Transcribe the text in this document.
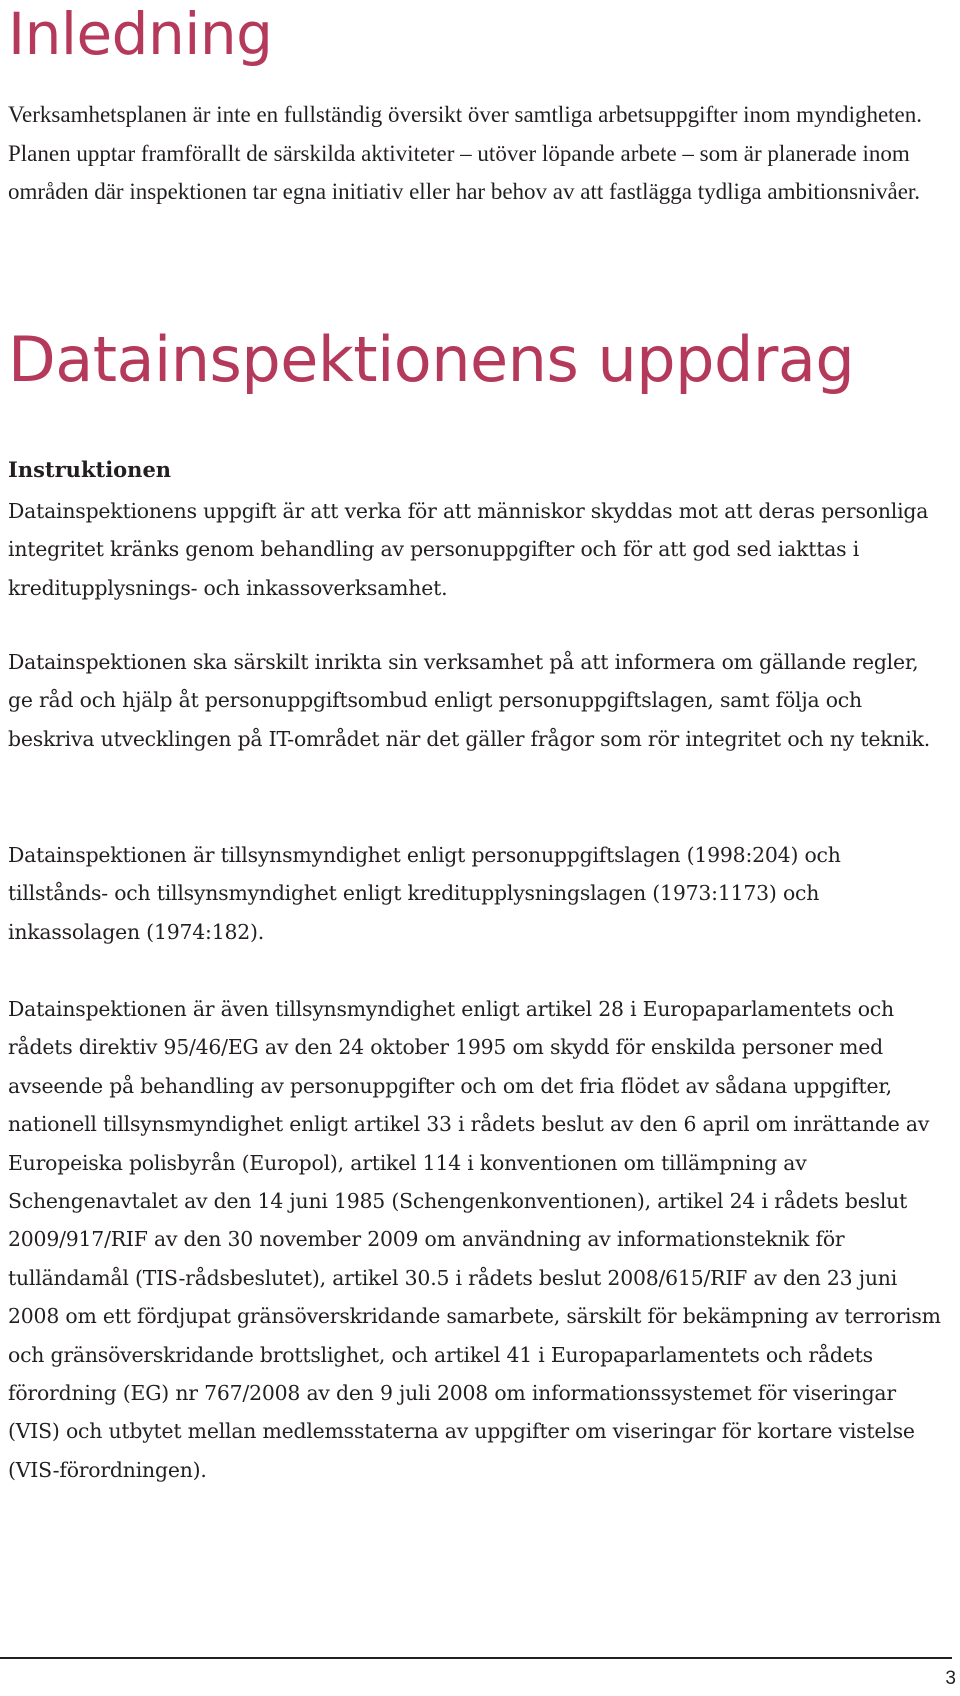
Inledning

Verksamhetsplanen är inte en fullständig översikt över samtliga arbetsuppgifter inom myndigheten. Planen upptar framförallt de särskilda aktiviteter – utöver löpande arbete – som är planerade inom områden där inspektionen tar egna initiativ eller har behov av att fastlägga tydliga ambitionsnivåer.

Datainspektionens uppdrag
Instruktionen

Datainspektionens uppgift är att verka för att människor skyddas mot att deras personliga integritet kränks genom behandling av personuppgifter och för att god sed iakttas i kreditupplysnings- och inkassoverksamhet.

Datainspektionen ska särskilt inrikta sin verksamhet på att informera om gällande regler, ge råd och hjälp åt personuppgiftsombud enligt personuppgiftslagen, samt följa och beskriva utvecklingen på IT-området när det gäller frågor som rör integritet och ny teknik.

Datainspektionen är tillsynsmyndighet enligt personuppgiftslagen (1998:204) och tillstånds- och tillsynsmyndighet enligt kreditupplysningslagen (1973:1173) och inkassolagen (1974:182).

Datainspektionen är även tillsynsmyndighet enligt artikel 28 i Europaparlamentets och rådets direktiv 95/46/EG av den 24 oktober 1995 om skydd för enskilda personer med avseende på behandling av personuppgifter och om det fria flödet av sådana uppgifter, nationell tillsynsmyndighet enligt artikel 33 i rådets beslut av den 6 april om inrättande av Europeiska polisbyrån (Europol), artikel 114 i konventionen om tillämpning av Schengenavtalet av den 14 juni 1985 (Schengenkonventionen), artikel 24 i rådets beslut 2009/917/RIF av den 30 november 2009 om användning av informationsteknik för tulländamål (TIS-rådsbeslutet), artikel 30.5 i rådets beslut 2008/615/RIF av den 23 juni 2008 om ett fördjupat gränsöverskridande samarbete, särskilt för bekämpning av terrorism och gränsöverskridande brottslighet, och artikel 41 i Europaparlamentets och rådets förordning (EG) nr 767/2008 av den 9 juli 2008 om informationssystemet för viseringar (VIS) och utbytet mellan medlemsstaterna av uppgifter om viseringar för kortare vistelse (VIS-förordningen).

3
